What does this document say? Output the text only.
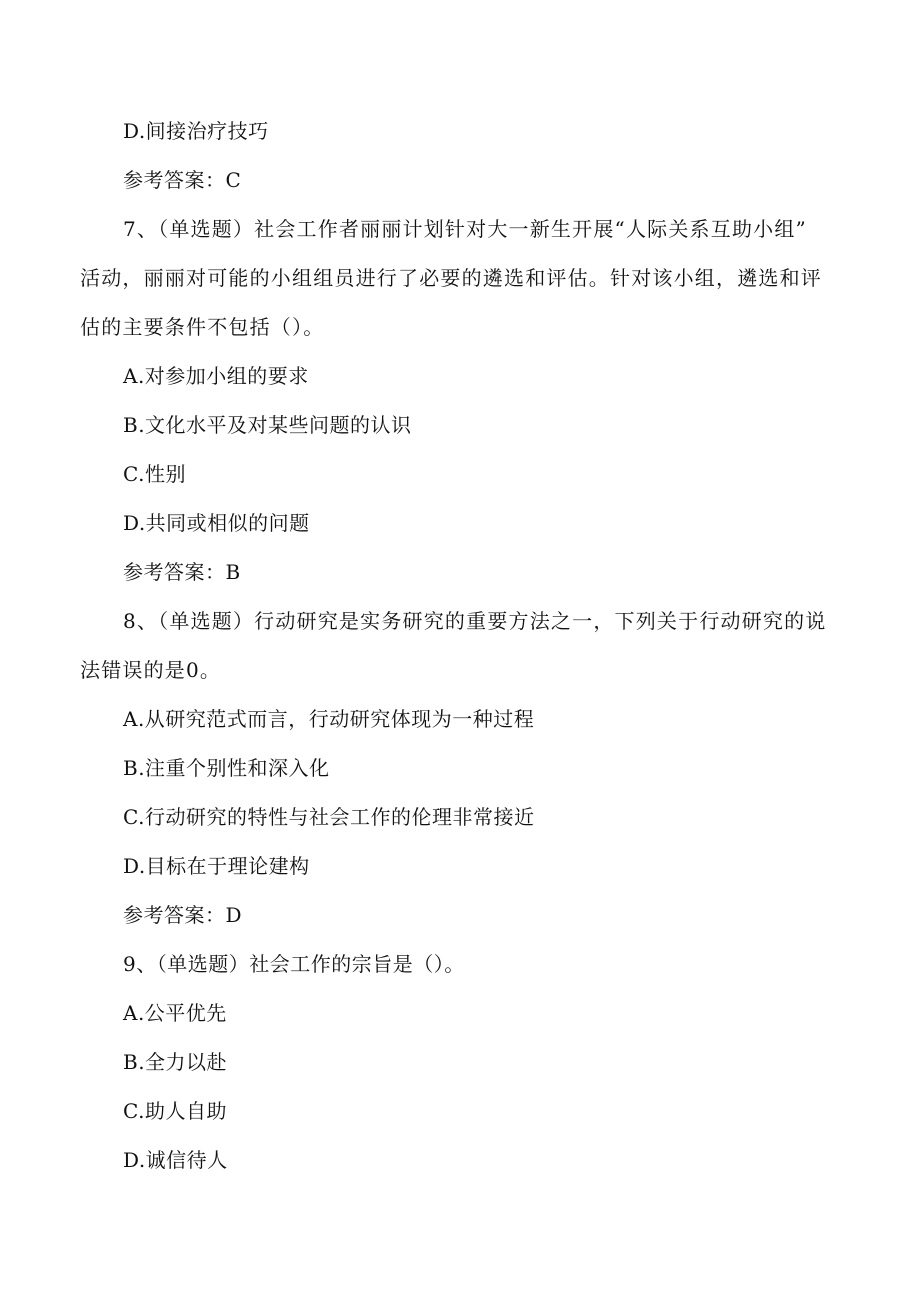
D.间接治疗技巧
参考答案：C
7、（单选题）社会工作者丽丽计划针对大一新生开展“人际关系互助小组”
活动，丽丽对可能的小组组员进行了必要的遴选和评估。针对该小组，遴选和评
估的主要条件不包括（）。
A.对参加小组的要求
B.文化水平及对某些问题的认识
C.性别
D.共同或相似的问题
参考答案：B
8、（单选题）行动研究是实务研究的重要方法之一，下列关于行动研究的说
法错误的是0。
A.从研究范式而言，行动研究体现为一种过程
B.注重个别性和深入化
C.行动研究的特性与社会工作的伦理非常接近
D.目标在于理论建构
参考答案：D
9、（单选题）社会工作的宗旨是（）。
A.公平优先
B.全力以赴
C.助人自助
D.诚信待人
